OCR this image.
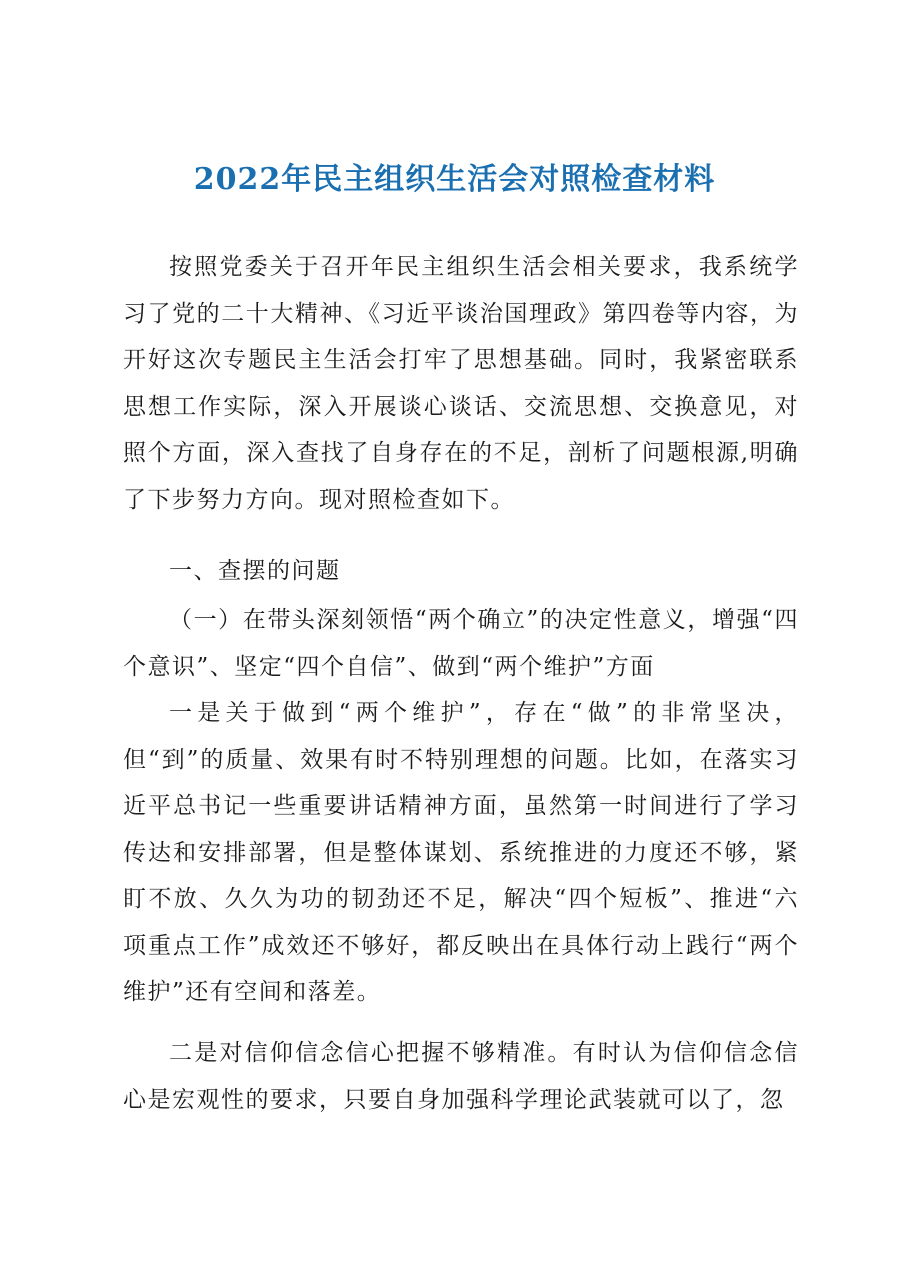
2022年民主组织生活会对照检查材料

按照党委关于召开年民主组织生活会相关要求，我系统学习了党的二十大精神、《习近平谈治国理政》第四卷等内容，为开好这次专题民主生活会打牢了思想基础。同时，我紧密联系思想工作实际，深入开展谈心谈话、交流思想、交换意见，对照个方面，深入查找了自身存在的不足，剖析了问题根源,明确了下步努力方向。现对照检查如下。

一、查摆的问题

（一）在带头深刻领悟“两个确立”的决定性意义，增强“四个意识”、坚定“四个自信”、做到“两个维护”方面

一是关于做到“两个维护”，存在“做”的非常坚决，但“到”的质量、效果有时不特别理想的问题。比如，在落实习近平总书记一些重要讲话精神方面，虽然第一时间进行了学习传达和安排部署，但是整体谋划、系统推进的力度还不够，紧盯不放、久久为功的韧劲还不足，解决“四个短板”、推进“六项重点工作”成效还不够好，都反映出在具体行动上践行“两个维护”还有空间和落差。

二是对信仰信念信心把握不够精准。有时认为信仰信念信心是宏观性的要求，只要自身加强科学理论武装就可以了，忽
